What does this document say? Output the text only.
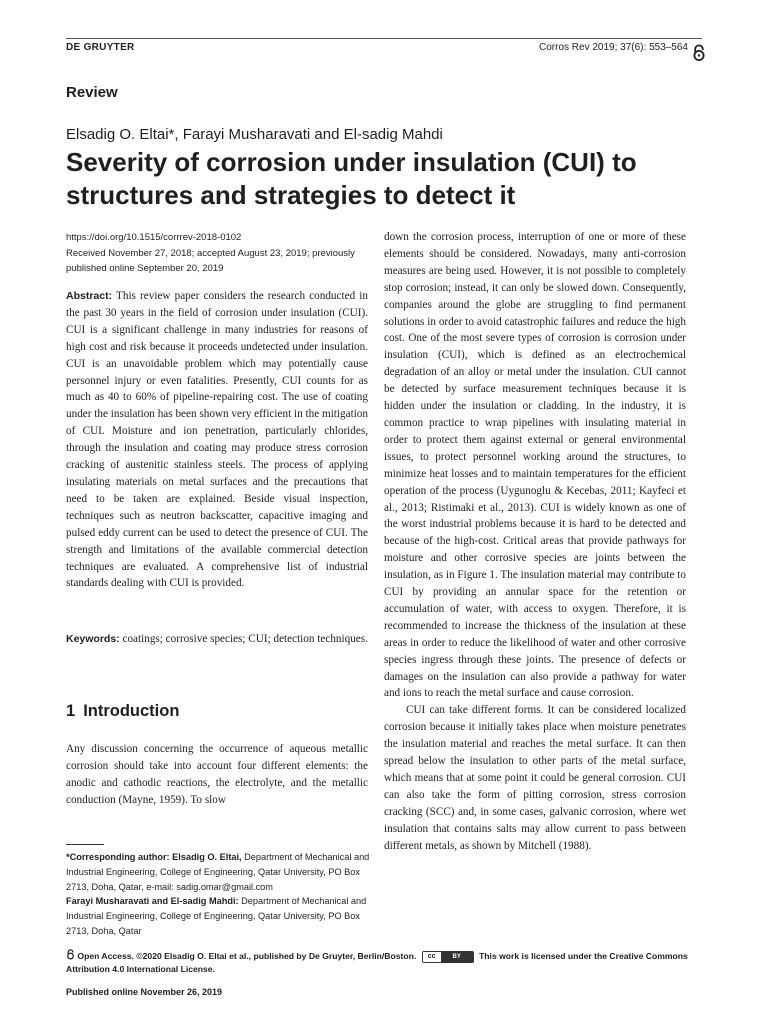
DE GRUYTER	Corros Rev 2019; 37(6): 553–564
Review
Elsadig O. Eltai*, Farayi Musharavati and El-sadig Mahdi
Severity of corrosion under insulation (CUI) to structures and strategies to detect it
https://doi.org/10.1515/corrrev-2018-0102
Received November 27, 2018; accepted August 23, 2019; previously
published online September 20, 2019

Abstract: This review paper considers the research conducted in the past 30 years in the field of corrosion under insulation (CUI). CUI is a significant challenge in many industries for reasons of high cost and risk because it proceeds undetected under insulation. CUI is an unavoidable problem which may potentially cause personnel injury or even fatalities. Presently, CUI counts for as much as 40 to 60% of pipeline-repairing cost. The use of coating under the insulation has been shown very efficient in the mitigation of CUI. Moisture and ion penetration, particularly chlorides, through the insulation and coating may produce stress corrosion cracking of austenitic stainless steels. The process of applying insulating materials on metal surfaces and the precautions that need to be taken are explained. Beside visual inspection, techniques such as neutron backscatter, capacitive imaging and pulsed eddy current can be used to detect the presence of CUI. The strength and limitations of the available commercial detection techniques are evaluated. A comprehensive list of industrial standards dealing with CUI is provided.

Keywords: coatings; corrosive species; CUI; detection techniques.

1 Introduction

Any discussion concerning the occurrence of aqueous metallic corrosion should take into account four different elements: the anodic and cathodic reactions, the electrolyte, and the metallic conduction (Mayne, 1959). To slow

*Corresponding author: Elsadig O. Eltai, Department of Mechanical and Industrial Engineering, College of Engineering, Qatar University, PO Box 2713, Doha, Qatar, e-mail: sadig.omar@gmail.com
Farayi Musharavati and El-sadig Mahdi: Department of Mechanical and Industrial Engineering, College of Engineering, Qatar University, PO Box 2713, Doha, Qatar

down the corrosion process, interruption of one or more of these elements should be considered. Nowadays, many anti-corrosion measures are being used. However, it is not possible to completely stop corrosion; instead, it can only be slowed down. Consequently, companies around the globe are struggling to find permanent solutions in order to avoid catastrophic failures and reduce the high cost. One of the most severe types of corrosion is corrosion under insulation (CUI), which is defined as an electrochemical degradation of an alloy or metal under the insulation. CUI cannot be detected by surface measurement techniques because it is hidden under the insulation or cladding. In the industry, it is common practice to wrap pipelines with insulating material in order to protect them against external or general environmental issues, to protect personnel working around the structures, to minimize heat losses and to maintain temperatures for the efficient operation of the process (Uygunoglu & Kecebas, 2011; Kayfeci et al., 2013; Ristimaki et al., 2013). CUI is widely known as one of the worst industrial problems because it is hard to be detected and because of the high-cost. Critical areas that provide pathways for moisture and other corrosive species are joints between the insulation, as in Figure 1. The insulation material may contribute to CUI by providing an annular space for the retention or accumulation of water, with access to oxygen. Therefore, it is recommended to increase the thickness of the insulation at these areas in order to reduce the likelihood of water and other corrosive species ingress through these joints. The presence of defects or damages on the insulation can also provide a pathway for water and ions to reach the metal surface and cause corrosion.

CUI can take different forms. It can be considered localized corrosion because it initially takes place when moisture penetrates the insulation material and reaches the metal surface. It can then spread below the insulation to other parts of the metal surface, which means that at some point it could be general corrosion. CUI can also take the form of pitting corrosion, stress corrosion cracking (SCC) and, in some cases, galvanic corrosion, where wet insulation that contains salts may allow current to pass between different metals, as shown by Mitchell (1988).

Open Access. ©2020 Elsadig O. Eltai et al., published by De Gruyter, Berlin/Boston.	cc	BY	This work is licensed under the Creative Commons Attribution 4.0 International License.
Published online November 26, 2019
